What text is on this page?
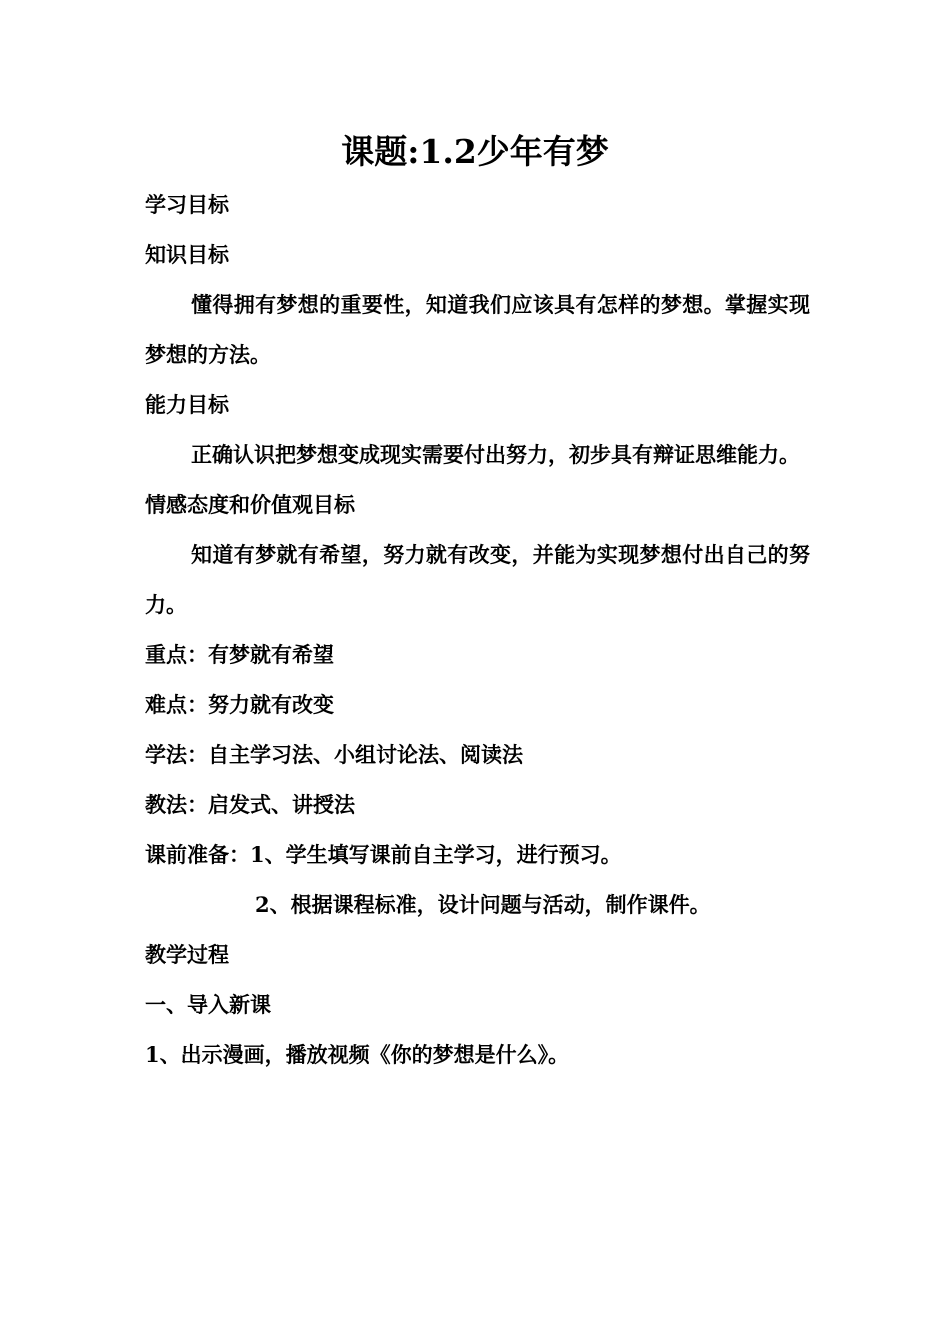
课题:1.2少年有梦

学习目标

知识目标

懂得拥有梦想的重要性，知道我们应该具有怎样的梦想。掌握实现梦想的方法。

能力目标

正确认识把梦想变成现实需要付出努力，初步具有辩证思维能力。

情感态度和价值观目标

知道有梦就有希望，努力就有改变，并能为实现梦想付出自己的努力。

重点：有梦就有希望

难点：努力就有改变

学法：自主学习法、小组讨论法、阅读法

教法：启发式、讲授法

课前准备：1、学生填写课前自主学习，进行预习。

2、根据课程标准，设计问题与活动，制作课件。

教学过程

一、导入新课

1、出示漫画，播放视频《你的梦想是什么》。
